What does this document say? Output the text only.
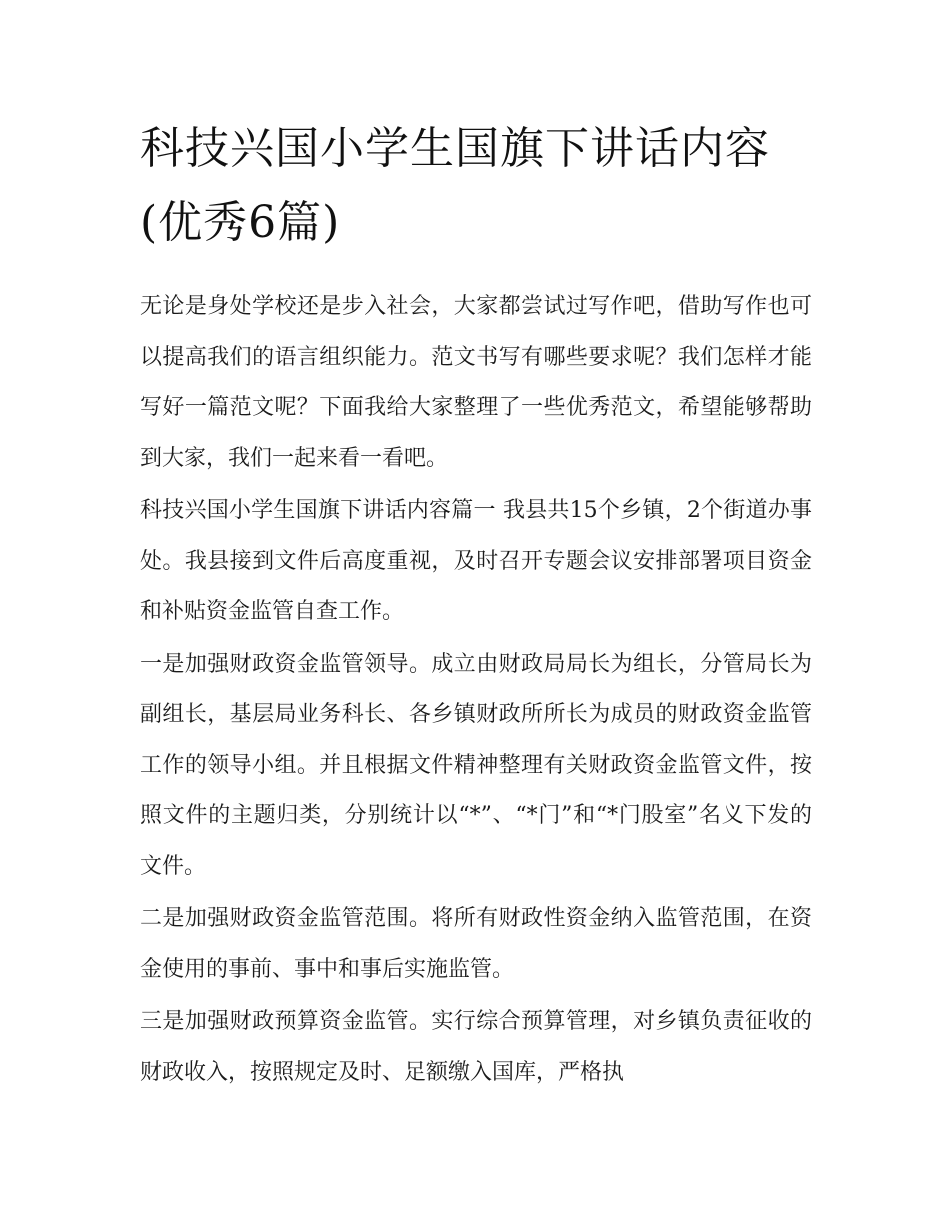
科技兴国小学生国旗下讲话内容(优秀6篇)

无论是身处学校还是步入社会，大家都尝试过写作吧，借助写作也可以提高我们的语言组织能力。范文书写有哪些要求呢？我们怎样才能写好一篇范文呢？下面我给大家整理了一些优秀范文，希望能够帮助到大家，我们一起来看一看吧。

科技兴国小学生国旗下讲话内容篇一 我县共15个乡镇，2个街道办事处。我县接到文件后高度重视，及时召开专题会议安排部署项目资金和补贴资金监管自查工作。

一是加强财政资金监管领导。成立由财政局局长为组长，分管局长为副组长，基层局业务科长、各乡镇财政所所长为成员的财政资金监管工作的领导小组。并且根据文件精神整理有关财政资金监管文件，按照文件的主题归类，分别统计以“*”、“*门”和“*门股室”名义下发的文件。

二是加强财政资金监管范围。将所有财政性资金纳入监管范围，在资金使用的事前、事中和事后实施监管。

三是加强财政预算资金监管。实行综合预算管理，对乡镇负责征收的财政收入，按照规定及时、足额缴入国库，严格执
